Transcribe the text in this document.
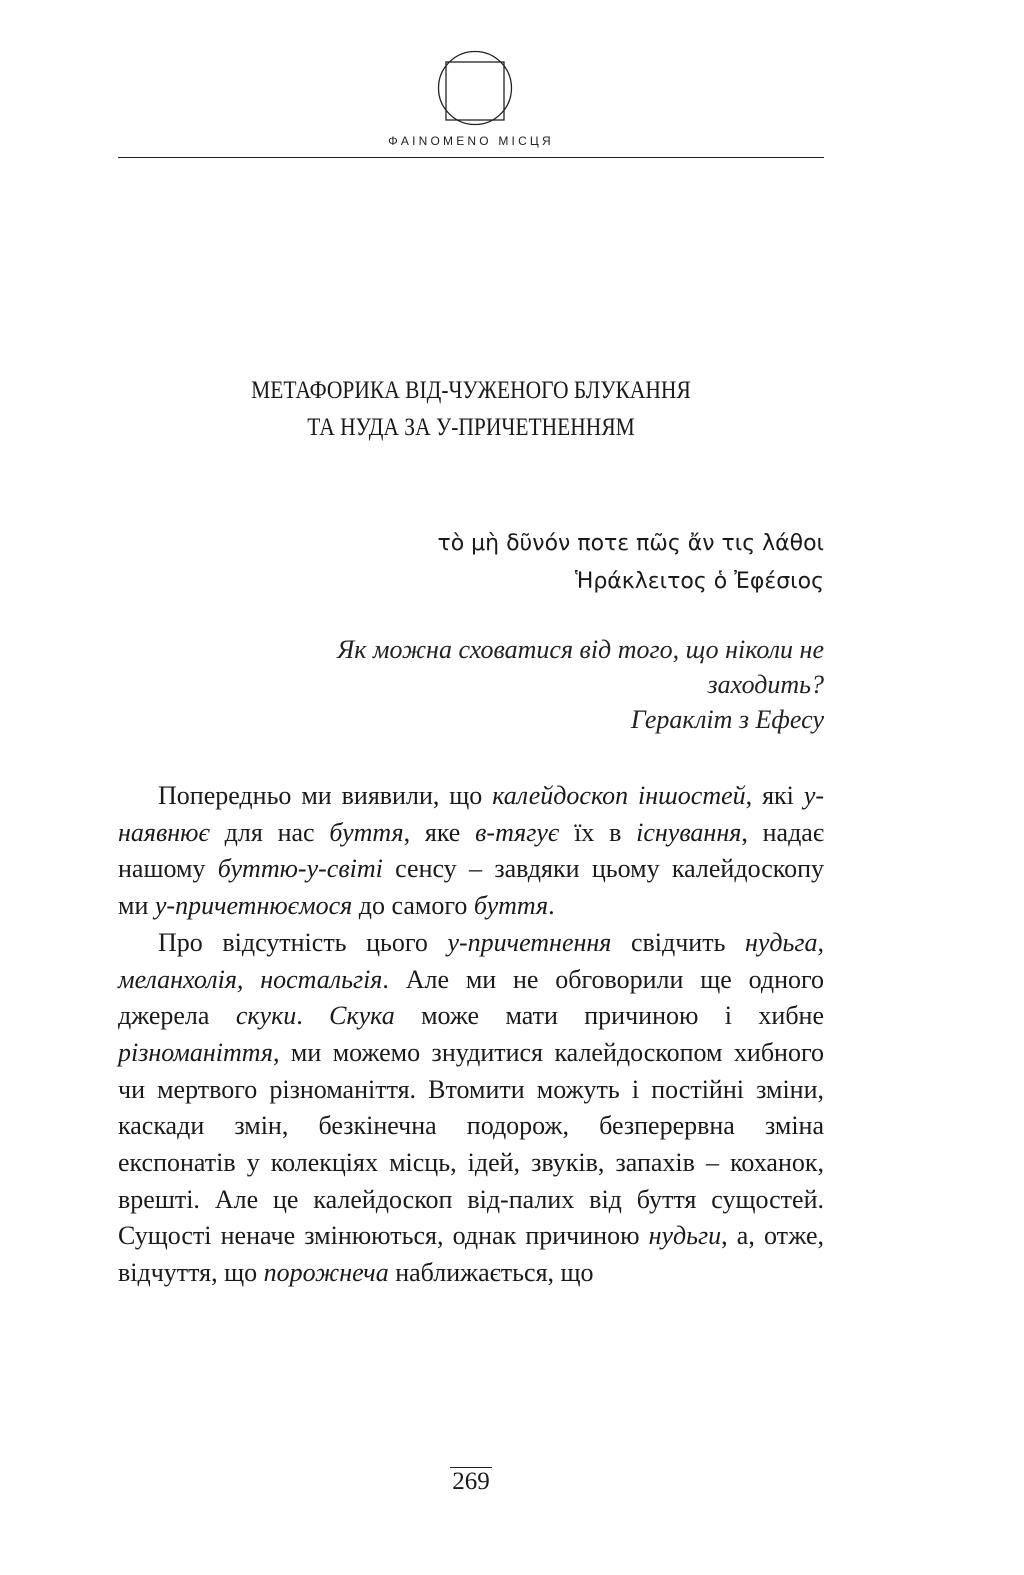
ΦAINOMENO МІСЦЯ
МЕТАФОРИКА ВІД-ЧУЖЕНОГО БЛУКАННЯ
ТА НУДА ЗА У-ПРИЧЕТНЕННЯМ
τὸ μὴ δῦνόν ποτε πῶς ἄν τις λάθοι
Ἡράκλειτος ὁ Ἐφέσιος
Як можна сховатися від того, що ніколи не
заходить?
Геракліт з Ефесу

Попередньо ми виявили, що калейдоскоп іншостей, які у-наявнює для нас буття, яке в-тягує їх в існування, надає нашому буттю-у-світі сенсу – завдяки цьому калейдоскопу ми у-причетнюємося до самого буття.

Про відсутність цього у-причетнення свідчить нудьга, меланхолія, ностальгія. Але ми не обговорили ще одного джерела скуки. Скука може мати причиною і хибне різноманіття, ми можемо знудитися калейдоскопом хибного чи мертвого різноманіття. Втомити можуть і постійні зміни, каскади змін, безкінечна подорож, безперервна зміна експонатів у колекціях місць, ідей, звуків, запахів – коханок, врешті. Але це калейдоскоп від-палих від буття сущостей. Сущості неначе змінюються, однак причиною нудьги, а, отже, відчуття, що порожнеча наближається, що

269
